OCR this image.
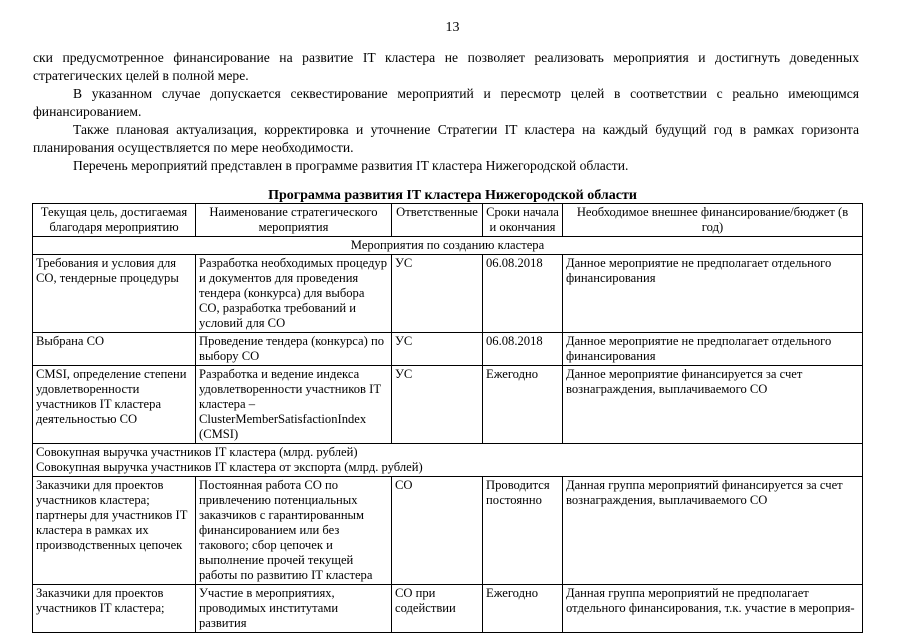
13

ски предусмотренное финансирование на развитие IT кластера не позволяет реализовать мероприятия и достигнуть доведенных стратегических целей в полной мере.

В указанном случае допускается секвестирование мероприятий и пересмотр целей в соответствии с реально имеющимся финансированием.

Также плановая актуализация, корректировка и уточнение Стратегии IT кластера на каждый будущий год в рамках горизонта планирования осуществляется по мере необходимости.

Перечень мероприятий представлен в программе развития IT кластера Нижегородской области.

Программа развития IT кластера Нижегородской области
Текущая цель, достигаемая благодаря мероприятию	Наименование стратегического мероприятия	Ответственные	Сроки начала и окончания	Необходимое внешнее финансирование/бюджет (в год)
Мероприятия по созданию кластера				
Требования и условия для СО, тендерные процедуры	Разработка необходимых процедур и документов для проведения тендера (конкурса) для выбора СО, разработка требований и условий для СО	УС	06.08.2018	Данное мероприятие не предполагает отдельного финансирования
Выбрана СО	Проведение тендера (конкурса) по выбору СО	УС	06.08.2018	Данное мероприятие не предполагает отдельного финансирования
CMSI, определение степени удовлетворенности участников IT кластера деятельностью СО	Разработка и ведение индекса удовлетворенности участников IT кластера – ClusterMemberSatisfactionIndex (CMSI)	УС	Ежегодно	Данное мероприятие финансируется за счет вознаграждения, выплачиваемого СО

Совокупная выручка участников IT кластера (млрд. рублей)
Совокупная выручка участников IT кластера от экспорта (млрд. рублей)				

Заказчики для проектов участников кластера; партнеры для участников IT кластера в рамках их производственных цепочек	Постоянная работа СО по привлечению потенциальных заказчиков с гарантированным финансированием или без такового; сбор цепочек и выполнение прочей текущей работы по развитию IT кластера	СО	Проводится постоянно	Данная группа мероприятий финансируется за счет вознаграждения, выплачиваемого СО
Заказчики для проектов участников IT кластера;	Участие в мероприятиях, проводимых институтами развития	СО при содействии	Ежегодно	Данная группа мероприятий не предполагает отдельного финансирования, т.к. участие в мероприя-
